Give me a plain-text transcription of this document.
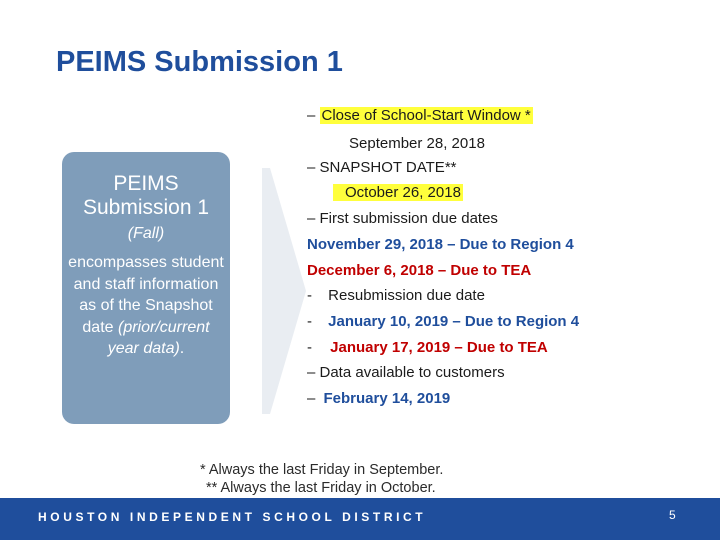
PEIMS Submission 1
PEIMS Submission 1 (Fall)
encompasses student and staff information as of the Snapshot date (prior/current year data).
– Close of School-Start Window *
September 28, 2018
– SNAPSHOT DATE**
October 26, 2018
– First submission due dates
November 29, 2018 – Due to Region 4
December 6, 2018 – Due to TEA
- Resubmission due date
- January 10, 2019 – Due to Region 4
- January 17, 2019 – Due to TEA
– Data available to customers
– February 14, 2019
* Always the last Friday in September.
** Always the last Friday in October.
HOUSTON INDEPENDENT SCHOOL DISTRICT	5
